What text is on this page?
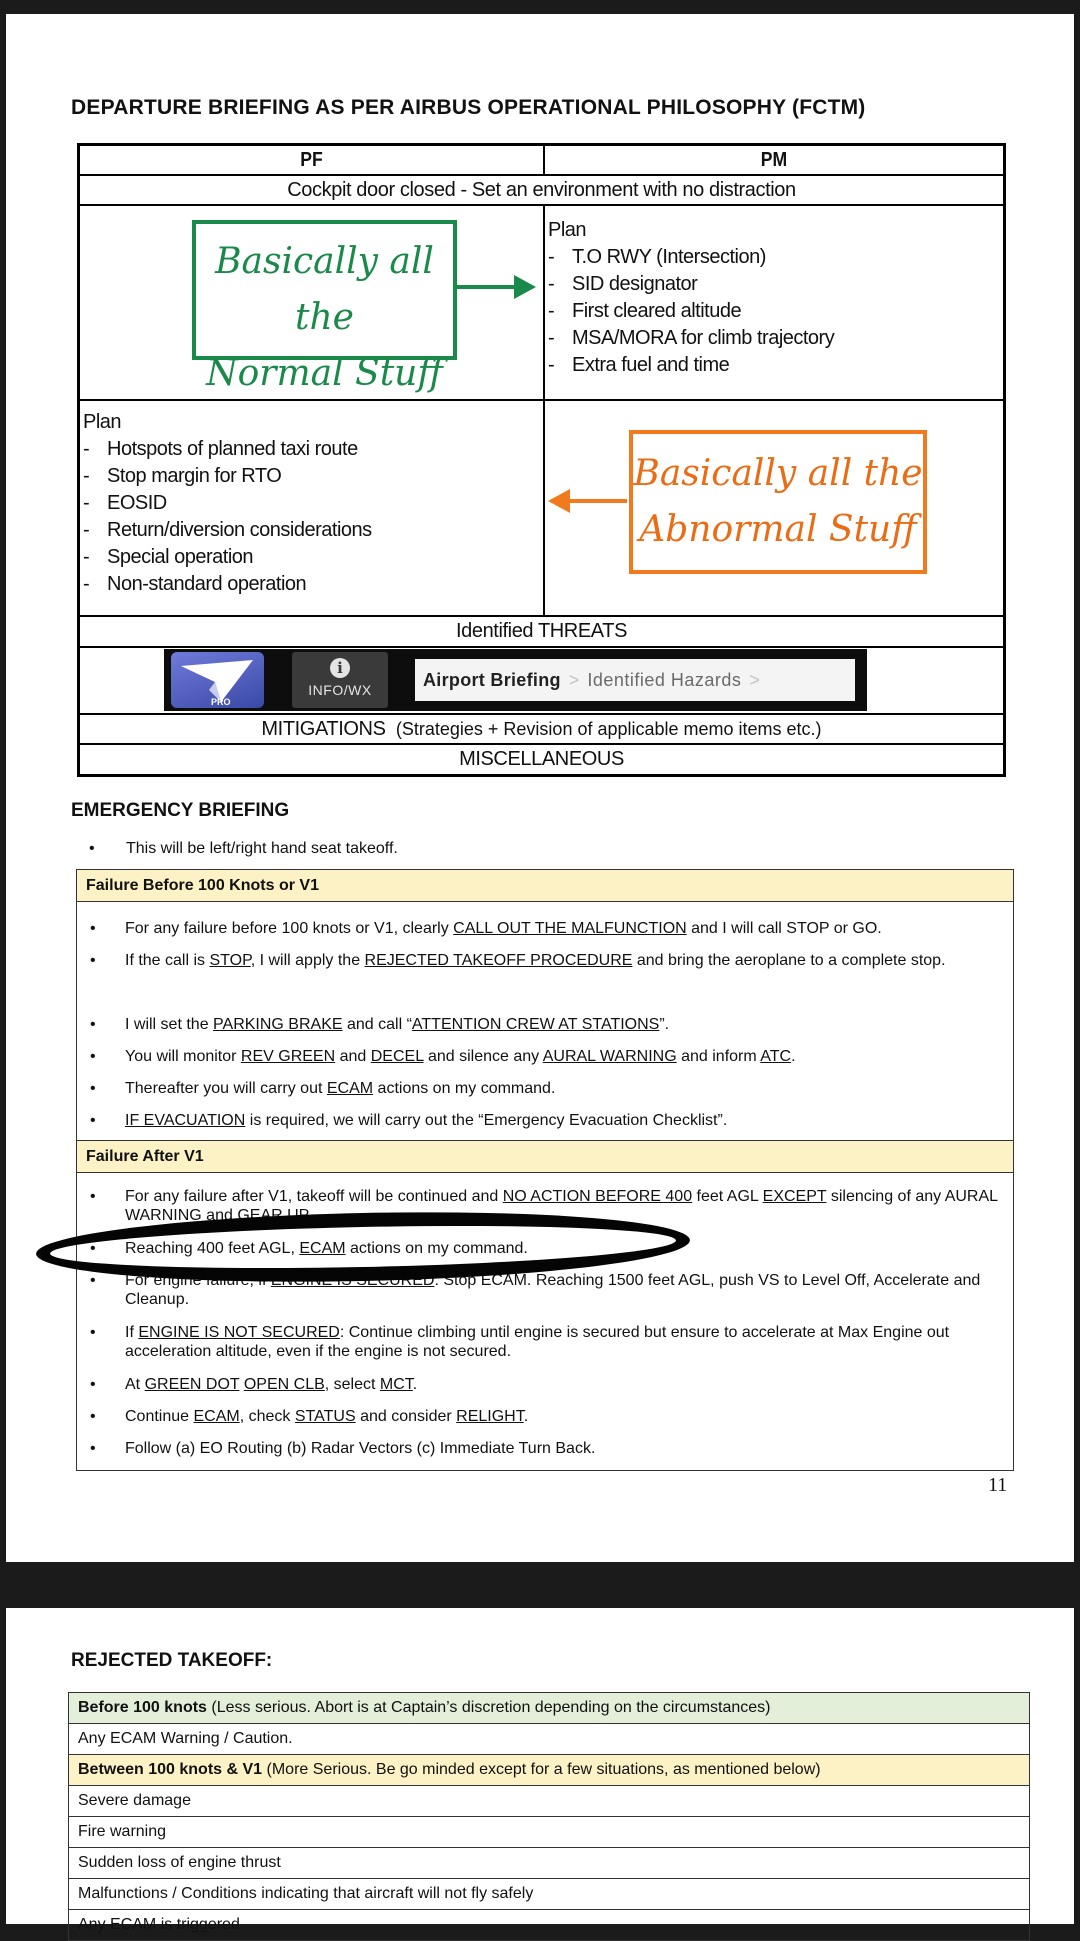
DEPARTURE BRIEFING AS PER AIRBUS OPERATIONAL PHILOSOPHY (FCTM)
PF	PM
Cockpit door closed - Set an environment with no distraction
Basically all the
Normal Stuff
Plan
- T.O RWY (Intersection)
- SID designator
- First cleared altitude
- MSA/MORA for climb trajectory
- Extra fuel and time
Plan
- Hotspots of planned taxi route
- Stop margin for RTO
- EOSID
- Return/diversion considerations
- Special operation
- Non-standard operation
Basically all the
Abnormal Stuff
Identified THREATS
PRO
i
INFO/WX	Airport Briefing > Identified Hazards >
MITIGATIONS (Strategies + Revision of applicable memo items etc.)
MISCELLANEOUS
EMERGENCY BRIEFING
• This will be left/right hand seat takeoff.
Failure Before 100 Knots or V1
• For any failure before 100 knots or V1, clearly CALL OUT THE MALFUNCTION and I will call STOP or GO.
• If the call is STOP, I will apply the REJECTED TAKEOFF PROCEDURE and bring the aeroplane to a complete stop.
• I will set the PARKING BRAKE and call “ATTENTION CREW AT STATIONS”.
• You will monitor REV GREEN and DECEL and silence any AURAL WARNING and inform ATC.
• Thereafter you will carry out ECAM actions on my command.
• IF EVACUATION is required, we will carry out the “Emergency Evacuation Checklist”.
Failure After V1
• For any failure after V1, takeoff will be continued and NO ACTION BEFORE 400 feet AGL EXCEPT silencing of any AURAL WARNING and GEAR UP.
• Reaching 400 feet AGL, ECAM actions on my command.
• For engine failure, if ENGINE IS SECURED: Stop ECAM. Reaching 1500 feet AGL, push VS to Level Off, Accelerate and Cleanup.
• If ENGINE IS NOT SECURED: Continue climbing until engine is secured but ensure to accelerate at Max Engine out acceleration altitude, even if the engine is not secured.
• At GREEN DOT OPEN CLB, select MCT.
• Continue ECAM, check STATUS and consider RELIGHT.
• Follow (a) EO Routing (b) Radar Vectors (c) Immediate Turn Back.
11
REJECTED TAKEOFF:
Before 100 knots (Less serious. Abort is at Captain’s discretion depending on the circumstances)
Any ECAM Warning / Caution.
Between 100 knots & V1 (More Serious. Be go minded except for a few situations, as mentioned below)
Severe damage
Fire warning
Sudden loss of engine thrust
Malfunctions / Conditions indicating that aircraft will not fly safely
Any ECAM is triggered
